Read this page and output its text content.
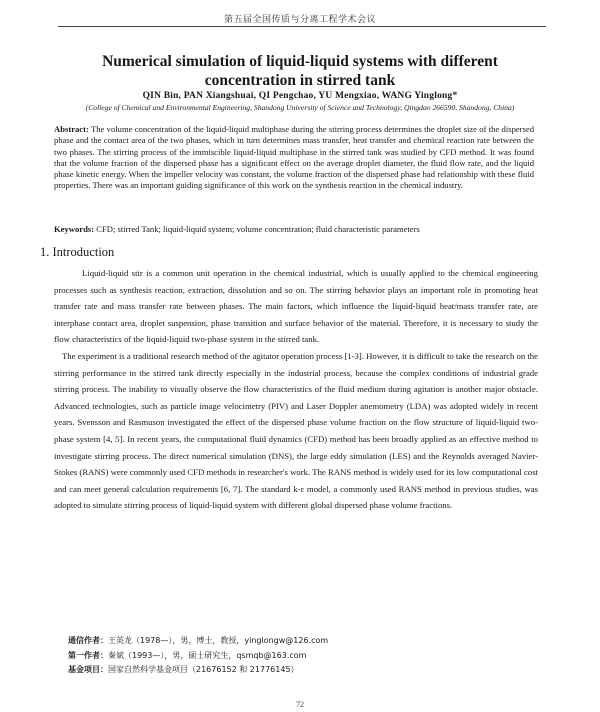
第五届全国传质与分离工程学术会议
Numerical simulation of liquid-liquid systems with different
concentration in stirred tank
QIN Bin, PAN Xiangshuai, QI Pengchao, YU Mengxiao, WANG Yinglong*
(College of Chemical and Environmental Engineering, Shandong University of Science and Technology, Qingdao 266590, Shandong, China)
Abstract: The volume concentration of the liquid-liquid multiphase during the stirring process determines the droplet size of the dispersed phase and the contact area of the two phases, which in turn determines mass transfer, heat transfer and chemical reaction rate between the two phases. The stirring process of the immiscible liquid-liquid multiphase in the stirred tank was studied by CFD method. It was found that the volume fraction of the dispersed phase has a significant effect on the average droplet diameter, the fluid flow rate, and the liquid phase kinetic energy. When the impeller velocity was constant, the volume fraction of the dispersed phase had relationship with these fluid properties. There was an important guiding significance of this work on the synthesis reaction in the chemical industry.
Keywords: CFD; stirred Tank; liquid-liquid system; volume concentration; fluid characteristic parameters
1. Introduction

Liquid-liquid stir is a common unit operation in the chemical industrial, which is usually applied to the chemical engineering processes such as synthesis reaction, extraction, dissolution and so on. The stirring behavior plays an important role in promoting heat transfer rate and mass transfer rate between phases. The main factors, which influence the liquid-liquid heat/mass transfer rate, are interphase contact area, droplet suspension, phase transition and surface behavior of the material. Therefore, it is necessary to study the flow characteristics of the liquid-liquid two-phase system in the stirred tank.

The experiment is a traditional research method of the agitator operation process [1-3]. However, it is difficult to take the research on the stirring performance in the stirred tank directly especially in the industrial process, because the complex conditions of industrial grade stirring process. The inability to visually observe the flow characteristics of the fluid medium during agitation is another major obstacle. Advanced technologies, such as particle image velocimetry (PIV) and Laser Doppler anemometry (LDA) was adopted widely in recent years. Svensson and Rasmuson investigated the effect of the dispersed phase volume fraction on the flow structure of liquid-liquid two-phase system [4, 5]. In recent years, the computational fluid dynamics (CFD) method has been broadly applied as an effective method to investigate stirring process. The direct numerical simulation (DNS), the large eddy simulation (LES) and the Reynolds averaged Navier-Stokes (RANS) were commonly used CFD methods in researcher's work. The RANS method is widely used for its low computational cost and can meet general calculation requirements [6, 7]. The standard k-ε model, a commonly used RANS method in previous studies, was adopted to simulate stirring process of liquid-liquid system with different global dispersed phase volume fractions.

通信作者：王英龙（1978—），男，博士，教授，yinglongw@126.com
第一作者：秦斌（1993—），男，硕士研究生，qsmqb@163.com
基金项目：国家自然科学基金项目（21676152 和 21776145）
72
